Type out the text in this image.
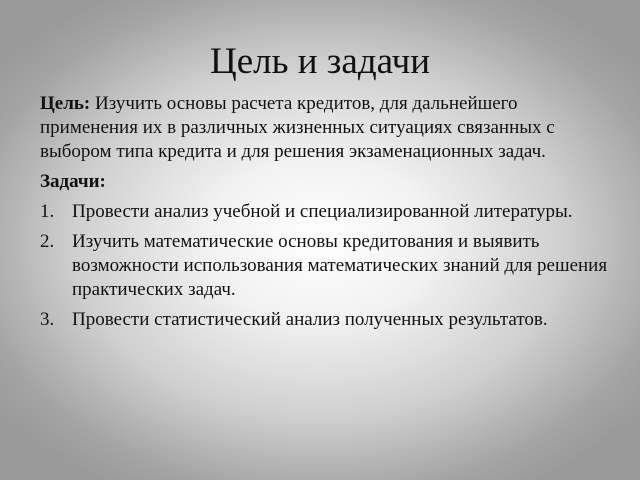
Цель и задачи

Цель: Изучить основы расчета кредитов, для дальнейшего применения их в различных жизненных ситуациях связанных с выбором типа кредита и для решения экзаменационных задач.

Задачи:
1. Провести анализ учебной и специализированной литературы.
2. Изучить математические основы кредитования и выявить возможности использования математических знаний для решения практических задач.
3. Провести статистический анализ полученных результатов.
